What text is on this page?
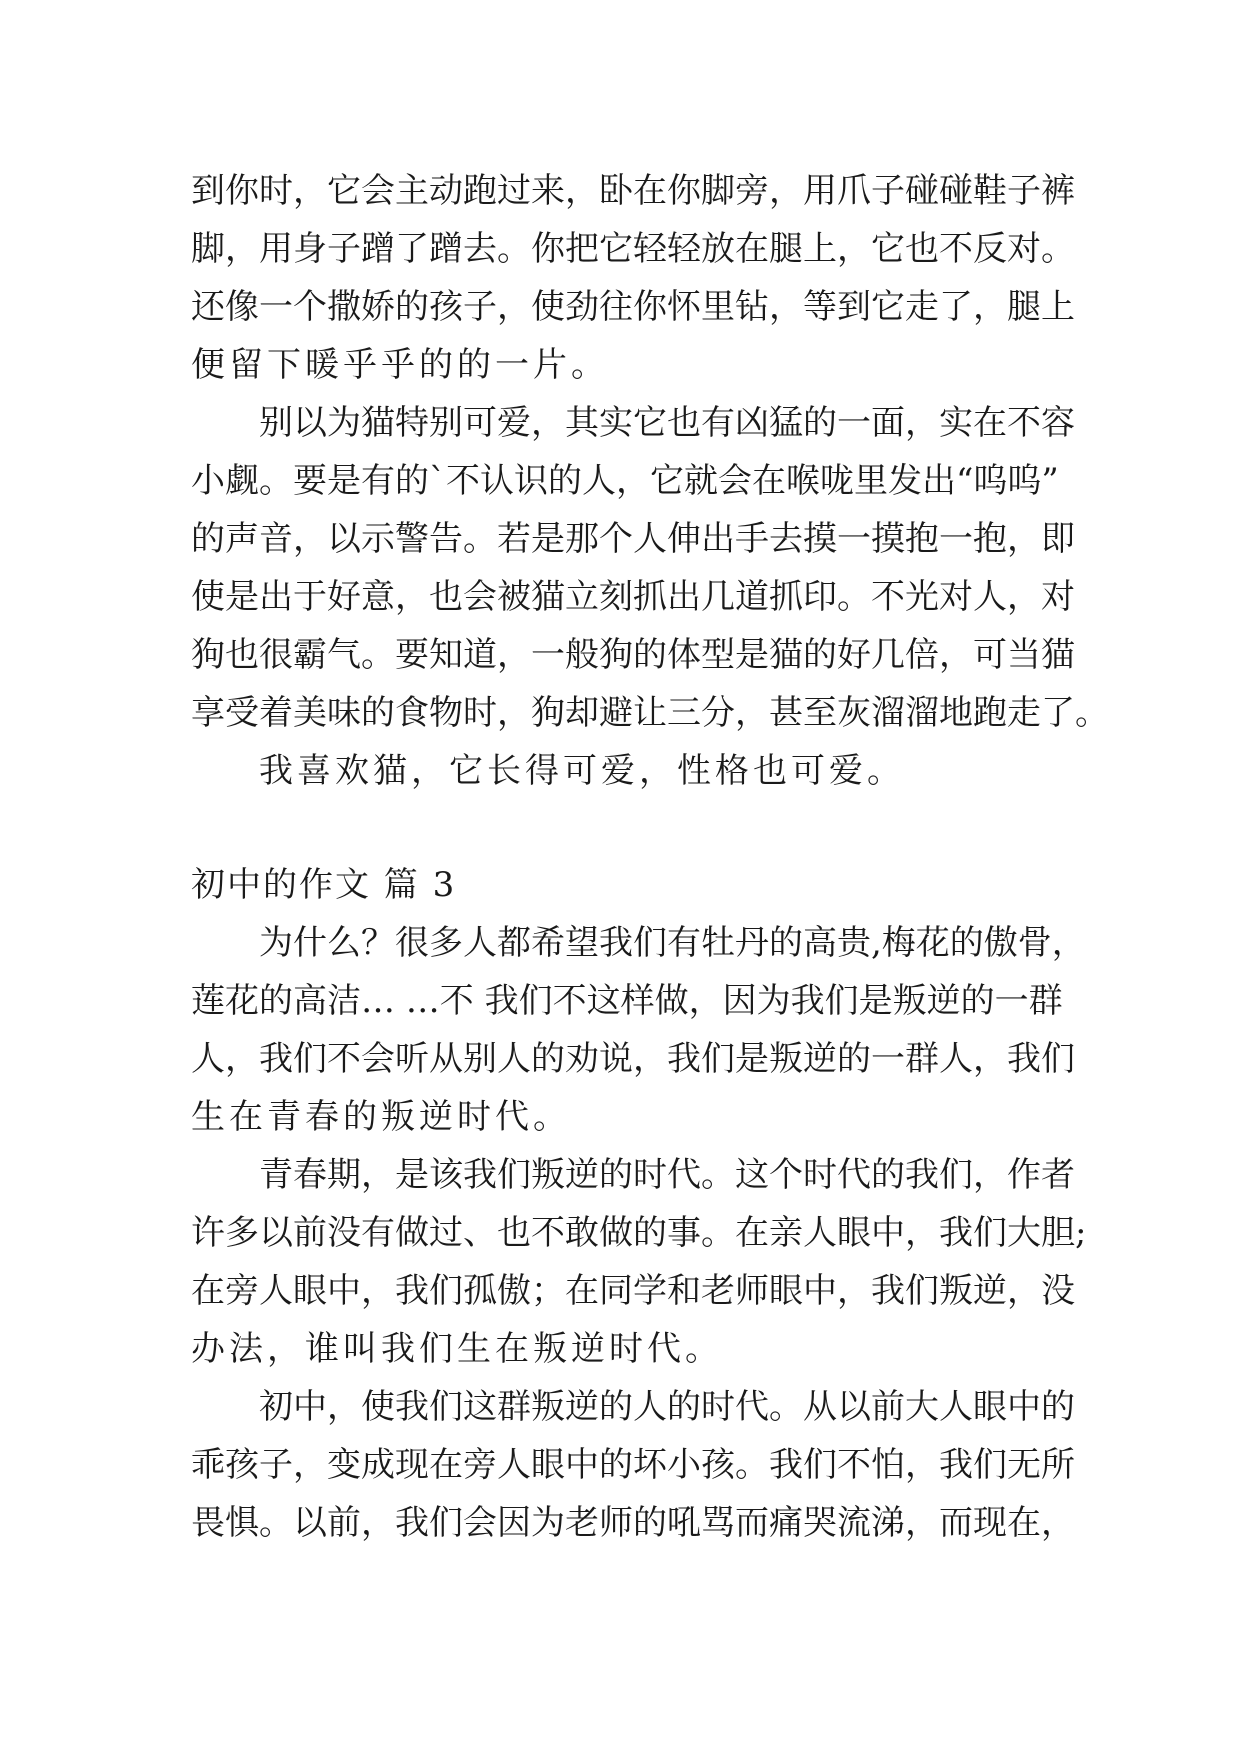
到你时，它会主动跑过来，卧在你脚旁，用爪子碰碰鞋子裤
脚，用身子蹭了蹭去。你把它轻轻放在腿上，它也不反对。
还像一个撒娇的孩子，使劲往你怀里钻，等到它走了，腿上
便留下暖乎乎的的一片。
别以为猫特别可爱，其实它也有凶猛的一面，实在不容
小觑。要是有的`不认识的人，它就会在喉咙里发出“呜呜”
的声音，以示警告。若是那个人伸出手去摸一摸抱一抱，即
使是出于好意，也会被猫立刻抓出几道抓印。不光对人，对
狗也很霸气。要知道，一般狗的体型是猫的好几倍，可当猫
享受着美味的食物时，狗却避让三分，甚至灰溜溜地跑走了。
我喜欢猫，它长得可爱，性格也可爱。
初中的作文 篇 3
为什么？很多人都希望我们有牡丹的高贵,梅花的傲骨，
莲花的高洁… …不 我们不这样做，因为我们是叛逆的一群
人，我们不会听从别人的劝说，我们是叛逆的一群人，我们
生在青春的叛逆时代。
青春期，是该我们叛逆的时代。这个时代的我们，作者
许多以前没有做过、也不敢做的事。在亲人眼中，我们大胆;
在旁人眼中，我们孤傲；在同学和老师眼中，我们叛逆，没
办法，谁叫我们生在叛逆时代。
初中，使我们这群叛逆的人的时代。从以前大人眼中的
乖孩子，变成现在旁人眼中的坏小孩。我们不怕，我们无所
畏惧。以前，我们会因为老师的吼骂而痛哭流涕，而现在，
